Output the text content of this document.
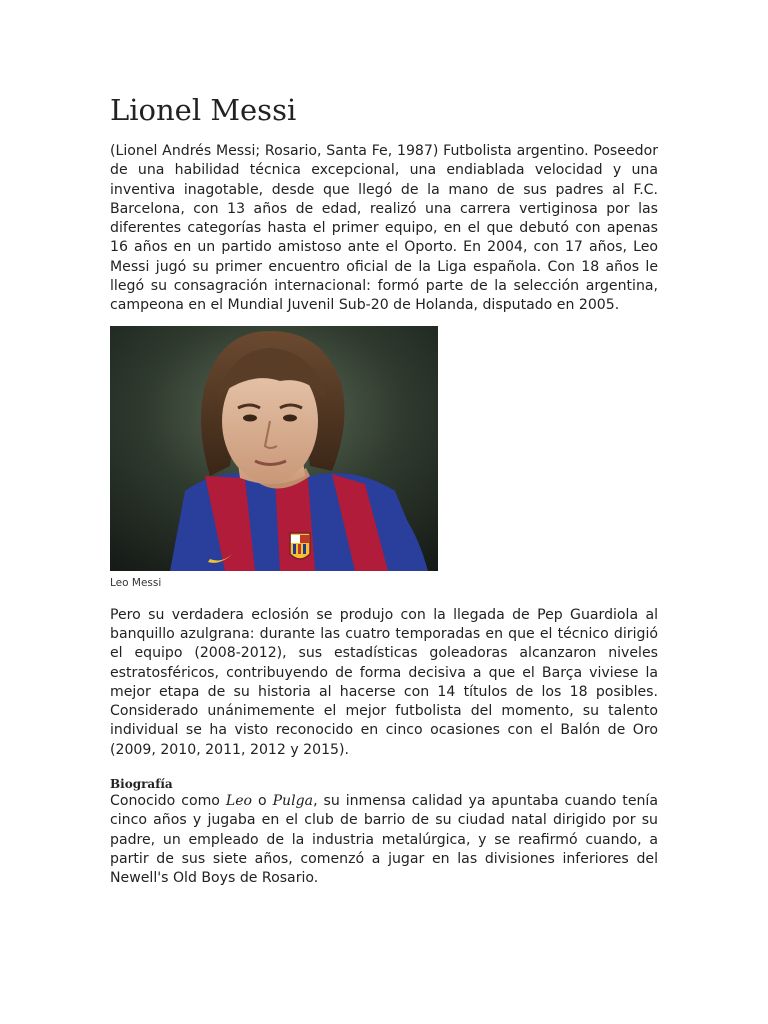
Lionel Messi

(Lionel Andrés Messi; Rosario, Santa Fe, 1987) Futbolista argentino. Poseedor de una habilidad técnica excepcional, una endiablada velocidad y una inventiva inagotable, desde que llegó de la mano de sus padres al F.C. Barcelona, con 13 años de edad, realizó una carrera vertiginosa por las diferentes categorías hasta el primer equipo, en el que debutó con apenas 16 años en un partido amistoso ante el Oporto. En 2004, con 17 años, Leo Messi jugó su primer encuentro oficial de la Liga española. Con 18 años le llegó su consagración internacional: formó parte de la selección argentina, campeona en el Mundial Juvenil Sub-20 de Holanda, disputado en 2005.

Leo Messi

Pero su verdadera eclosión se produjo con la llegada de Pep Guardiola al banquillo azulgrana: durante las cuatro temporadas en que el técnico dirigió el equipo (2008-2012), sus estadísticas goleadoras alcanzaron niveles estratosféricos, contribuyendo de forma decisiva a que el Barça viviese la mejor etapa de su historia al hacerse con 14 títulos de los 18 posibles. Considerado unánimemente el mejor futbolista del momento, su talento individual se ha visto reconocido en cinco ocasiones con el Balón de Oro (2009, 2010, 2011, 2012 y 2015).

Biografía

Conocido como Leo o Pulga, su inmensa calidad ya apuntaba cuando tenía cinco años y jugaba en el club de barrio de su ciudad natal dirigido por su padre, un empleado de la industria metalúrgica, y se reafirmó cuando, a partir de sus siete años, comenzó a jugar en las divisiones inferiores del Newell's Old Boys de Rosario.
